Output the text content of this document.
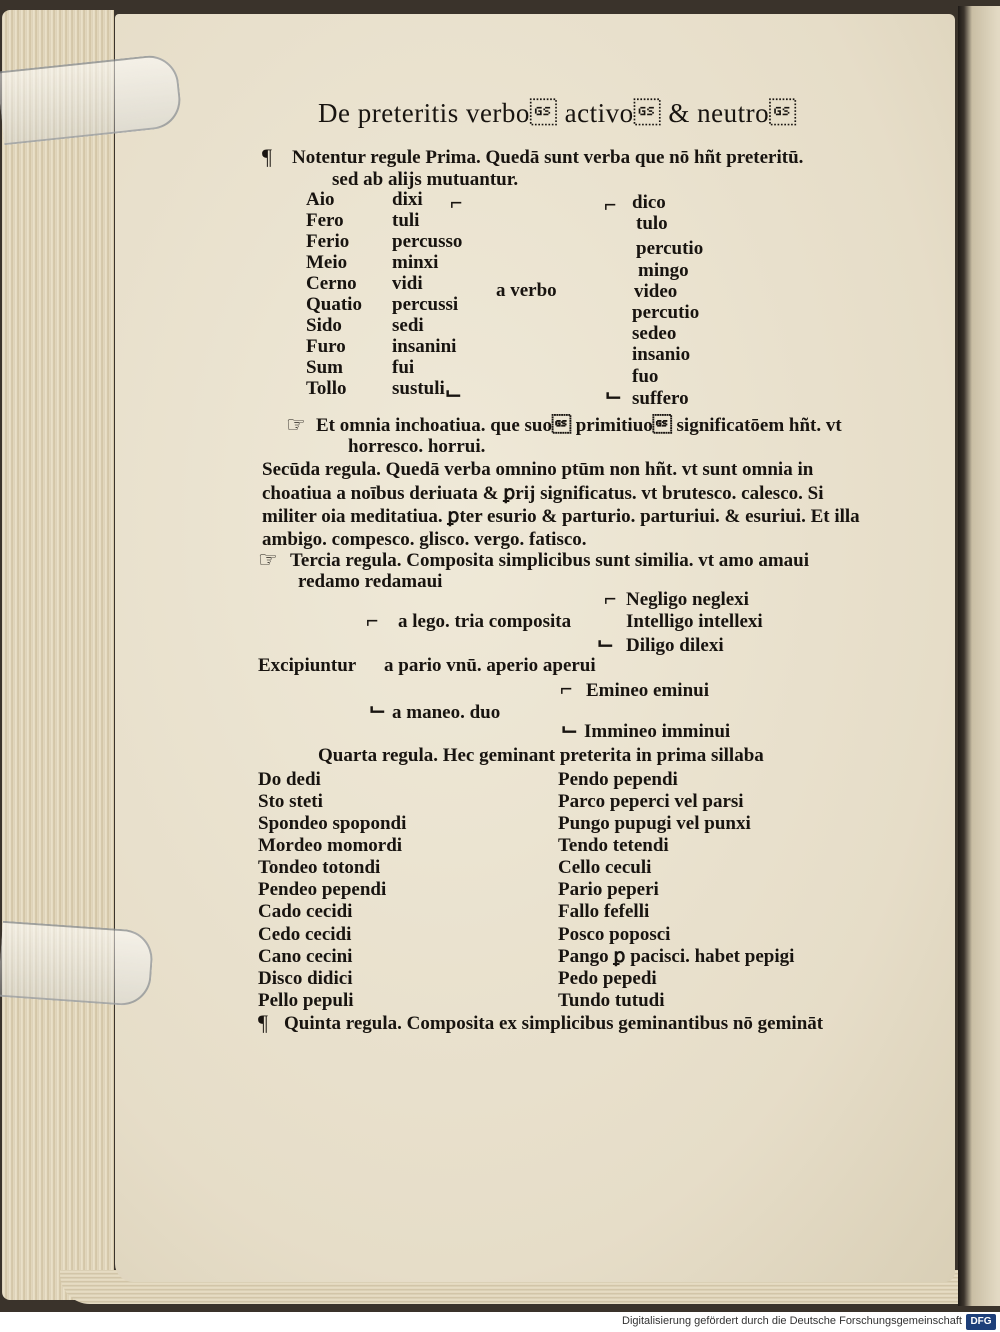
De preteritis verbo activo & neutro
¶ Notentur regule Prima. Quedā sunt verba que nō hñt preteritū.
sed ab alijs mutuantur.
Aio
Fero
Ferio
Meio
Cerno
Quatio
Sido
Furo
Sum
Tollo
dixi
tuli
percusso
minxi
vidi
percussi
sedi
insanini
fui
sustuli
⌐
⌙
a verbo
⌐
⌙
dico
tulo
percutio
mingo
video
percutio
sedeo
insanio
fuo
suffero
☞ Et omnia inchoatiua. que suo primitiuo significatōem hñt. vt
horresco. horrui.
Secūda regula. Quedā verba omnino ptūm non hñt. vt sunt omnia in
choatiua a noībus deriuata & ꝑrij significatus. vt brutesco. calesco. Si
militer oia meditatiua. ꝑter esurio & parturio. parturiui. & esuriui. Et illa
ambigo. compesco. glisco. vergo. fatisco.
☞ Tercia regula. Composita simplicibus sunt similia. vt amo amaui
redamo redamaui
⌐ Negligo neglexi
⌐ a lego. tria composita	Intelligo intellexi
⌙ Diligo dilexi
Excipiuntur a pario vnū. aperio aperui
⌐ Emineo eminui
⌙ a maneo. duo
⌙ Immineo imminui
Quarta regula. Hec geminant preterita in prima sillaba
Do dedi
Sto steti
Spondeo spopondi
Mordeo momordi
Tondeo totondi
Pendeo pependi
Cado cecidi
Cedo cecidi
Cano cecini
Disco didici
Pello pepuli
Pendo pependi
Parco peperci vel parsi
Pungo pupugi vel punxi
Tendo tetendi
Cello ceculi
Pario peperi
Fallo fefelli
Posco poposci
Pango ꝑ pacisci. habet pepigi
Pedo pepedi
Tundo tutudi
¶ Quinta regula. Composita ex simplicibus geminantibus nō gemināt
Digitalisierung gefördert durch die Deutsche Forschungsgemeinschaft DFG
